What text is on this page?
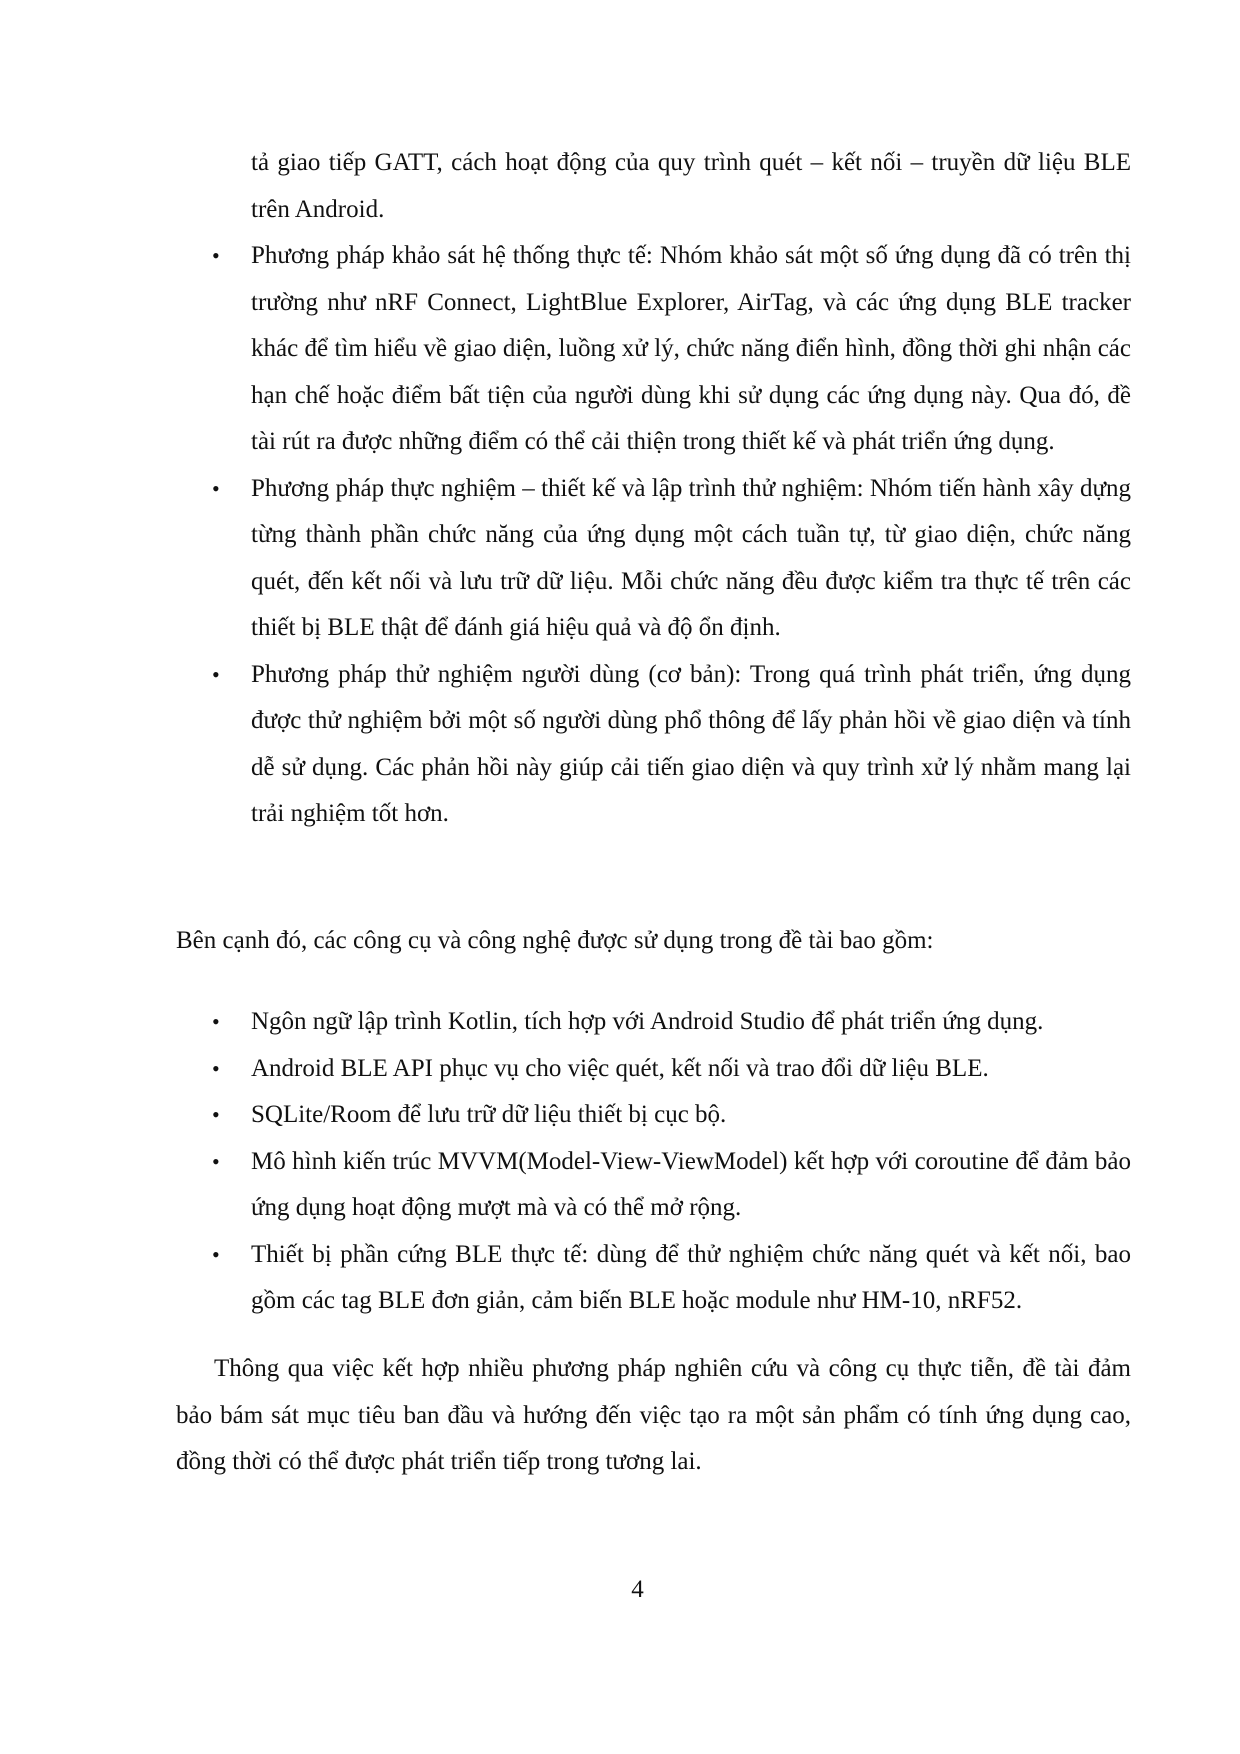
tả giao tiếp GATT, cách hoạt động của quy trình quét – kết nối – truyền dữ liệu BLE trên Android.

• Phương pháp khảo sát hệ thống thực tế: Nhóm khảo sát một số ứng dụng đã có trên thị trường như nRF Connect, LightBlue Explorer, AirTag, và các ứng dụng BLE tracker khác để tìm hiểu về giao diện, luồng xử lý, chức năng điển hình, đồng thời ghi nhận các hạn chế hoặc điểm bất tiện của người dùng khi sử dụng các ứng dụng này. Qua đó, đề tài rút ra được những điểm có thể cải thiện trong thiết kế và phát triển ứng dụng.
• Phương pháp thực nghiệm – thiết kế và lập trình thử nghiệm: Nhóm tiến hành xây dựng từng thành phần chức năng của ứng dụng một cách tuần tự, từ giao diện, chức năng quét, đến kết nối và lưu trữ dữ liệu. Mỗi chức năng đều được kiểm tra thực tế trên các thiết bị BLE thật để đánh giá hiệu quả và độ ổn định.
• Phương pháp thử nghiệm người dùng (cơ bản): Trong quá trình phát triển, ứng dụng được thử nghiệm bởi một số người dùng phổ thông để lấy phản hồi về giao diện và tính dễ sử dụng. Các phản hồi này giúp cải tiến giao diện và quy trình xử lý nhằm mang lại trải nghiệm tốt hơn.

Bên cạnh đó, các công cụ và công nghệ được sử dụng trong đề tài bao gồm:

• Ngôn ngữ lập trình Kotlin, tích hợp với Android Studio để phát triển ứng dụng.
• Android BLE API phục vụ cho việc quét, kết nối và trao đổi dữ liệu BLE.
• SQLite/Room để lưu trữ dữ liệu thiết bị cục bộ.
• Mô hình kiến trúc MVVM(Model-View-ViewModel) kết hợp với coroutine để đảm bảo ứng dụng hoạt động mượt mà và có thể mở rộng.
• Thiết bị phần cứng BLE thực tế: dùng để thử nghiệm chức năng quét và kết nối, bao gồm các tag BLE đơn giản, cảm biến BLE hoặc module như HM-10, nRF52.

Thông qua việc kết hợp nhiều phương pháp nghiên cứu và công cụ thực tiễn, đề tài đảm bảo bám sát mục tiêu ban đầu và hướng đến việc tạo ra một sản phẩm có tính ứng dụng cao, đồng thời có thể được phát triển tiếp trong tương lai.

4
